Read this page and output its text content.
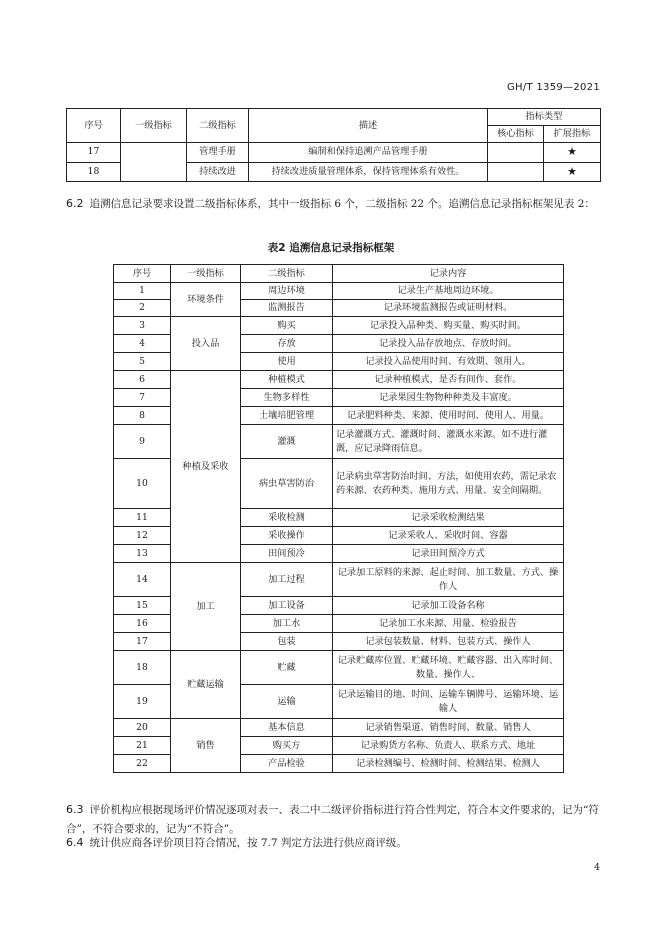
GH/T 1359—2021
序号	一级指标	二级指标	描述	指标类型	
				核心指标	扩展指标
17		管理手册	编制和保持追溯产品管理手册		★
18		持续改进	持续改进质量管理体系，保持管理体系有效性。		★

6.2 追溯信息记录要求设置二级指标体系，其中一级指标 6 个，二级指标 22 个。追溯信息记录指标框架见表 2：

表2 追溯信息记录指标框架
序号	一级指标	二级指标	记录内容
1	环境条件	周边环境	记录生产基地周边环境。
2		监测报告	记录环境监测报告或证明材料。
3	投入品	购买	记录投入品种类、购买量、购买时间。
4		存放	记录投入品存放地点、存放时间。
5		使用	记录投入品使用时间、有效期、领用人。
6	种植及采收	种植模式	记录种植模式，是否有间作、套作。
7		生物多样性	记录果园生物物种种类及丰富度。
8		土壤培肥管理	记录肥料种类、来源、使用时间、使用人、用量。
9		灌溉	记录灌溉方式、灌溉时间、灌溉水来源。如不进行灌溉，应记录降雨信息。
10		病虫草害防治	记录病虫草害防治时间、方法，如使用农药，需记录农药来源、农药种类、施用方式、用量、安全间隔期。
11		采收检测	记录采收检测结果
12		采收操作	记录采收人、采收时间、容器
13		田间预冷	记录田间预冷方式
14	加工	加工过程	记录加工原料的来源、起止时间、加工数量、方式、操作人
15		加工设备	记录加工设备名称
16		加工水	记录加工水来源、用量、检验报告
17		包装	记录包装数量、材料、包装方式、操作人
18	贮藏运输	贮藏	记录贮藏库位置、贮藏环境、贮藏容器、出入库时间、数量、操作人、
19		运输	记录运输目的地、时间、运输车辆牌号、运输环境、运输人
20	销售	基本信息	记录销售渠道、销售时间、数量、销售人
21		购买方	记录购货方名称、负责人、联系方式、地址
22		产品检验	记录检测编号、检测时间、检测结果、检测人

6.3 评价机构应根据现场评价情况逐项对表一、表二中二级评价指标进行符合性判定，符合本文件要求的，记为“符合”，不符合要求的，记为“不符合”。

6.4 统计供应商各评价项目符合情况，按 7.7 判定方法进行供应商评级。

4
